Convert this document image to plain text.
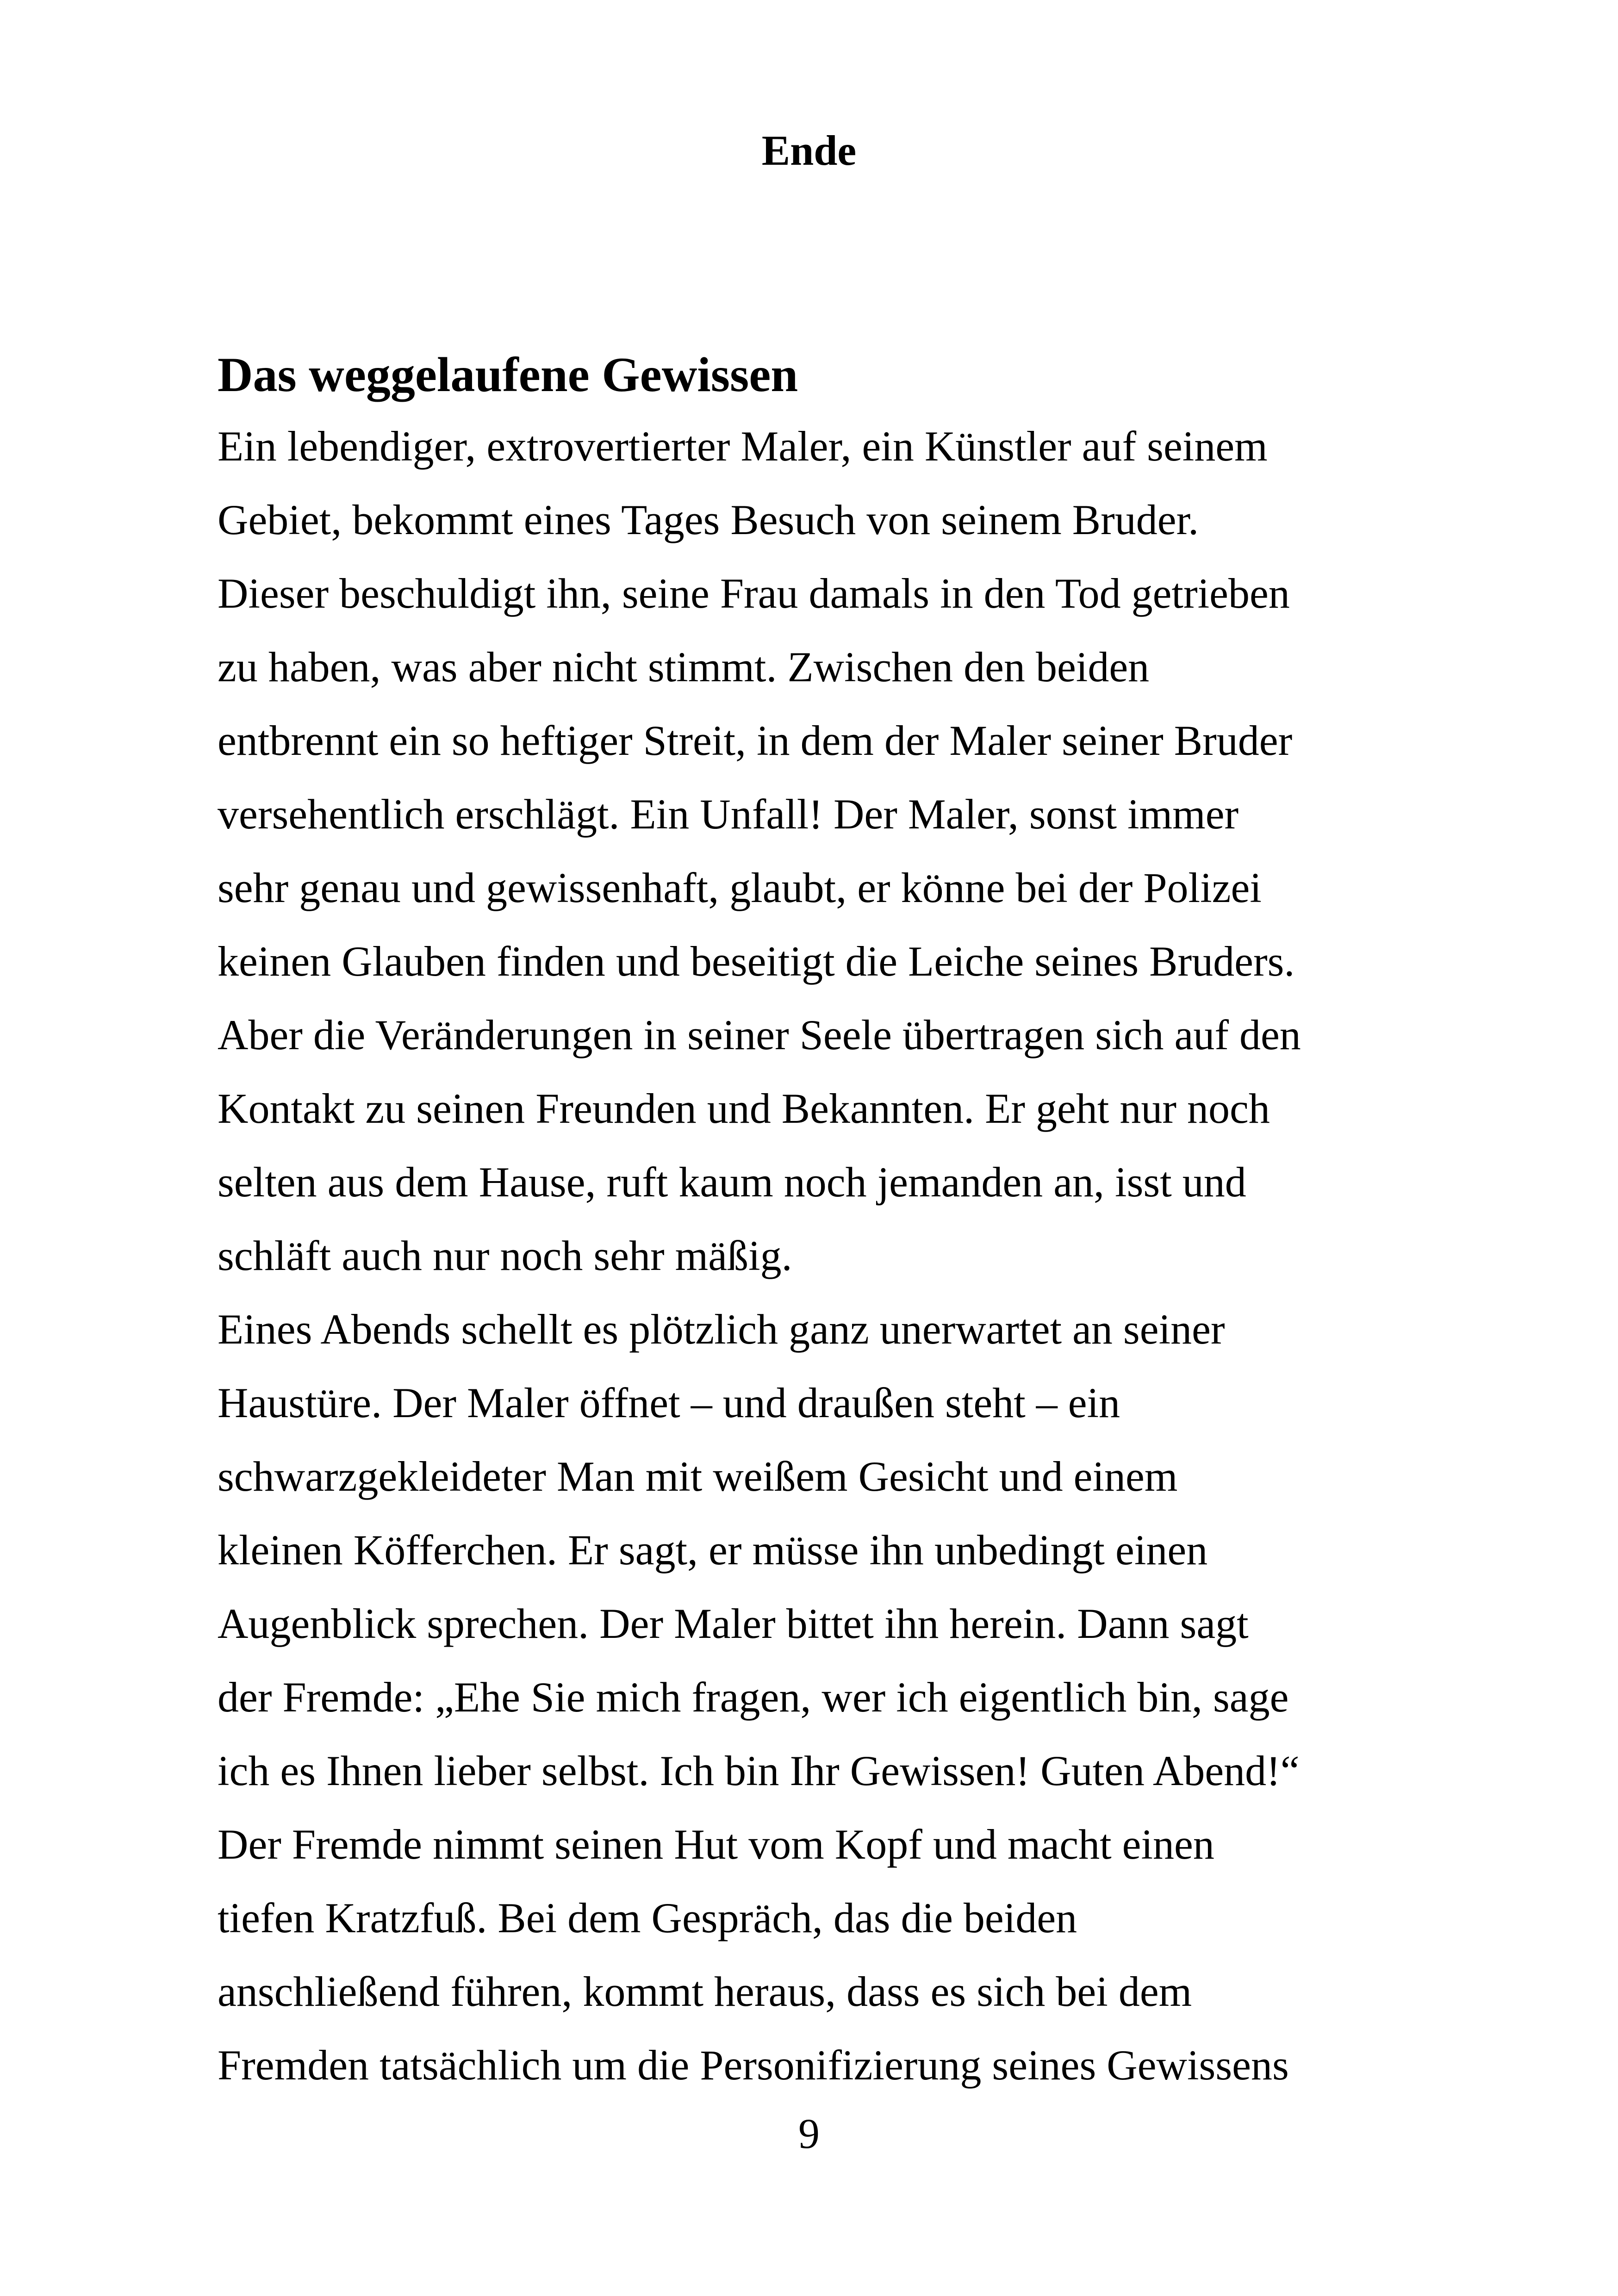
Ende
Das weggelaufene Gewissen

Ein lebendiger, extrovertierter Maler, ein Künstler auf seinem

Gebiet, bekommt eines Tages Besuch von seinem Bruder.

Dieser beschuldigt ihn, seine Frau damals in den Tod getrieben

zu haben, was aber nicht stimmt. Zwischen den beiden

entbrennt ein so heftiger Streit, in dem der Maler seiner Bruder

versehentlich erschlägt. Ein Unfall! Der Maler, sonst immer

sehr genau und gewissenhaft, glaubt, er könne bei der Polizei

keinen Glauben finden und beseitigt die Leiche seines Bruders.

Aber die Veränderungen in seiner Seele übertragen sich auf den

Kontakt zu seinen Freunden und Bekannten. Er geht nur noch

selten aus dem Hause, ruft kaum noch jemanden an, isst und

schläft auch nur noch sehr mäßig.

Eines Abends schellt es plötzlich ganz unerwartet an seiner

Haustüre. Der Maler öffnet – und draußen steht – ein

schwarzgekleideter Man mit weißem Gesicht und einem

kleinen Köfferchen. Er sagt, er müsse ihn unbedingt einen

Augenblick sprechen. Der Maler bittet ihn herein. Dann sagt

der Fremde: „Ehe Sie mich fragen, wer ich eigentlich bin, sage

ich es Ihnen lieber selbst. Ich bin Ihr Gewissen! Guten Abend!“

Der Fremde nimmt seinen Hut vom Kopf und macht einen

tiefen Kratzfuß. Bei dem Gespräch, das die beiden

anschließend führen, kommt heraus, dass es sich bei dem

Fremden tatsächlich um die Personifizierung seines Gewissens

9
